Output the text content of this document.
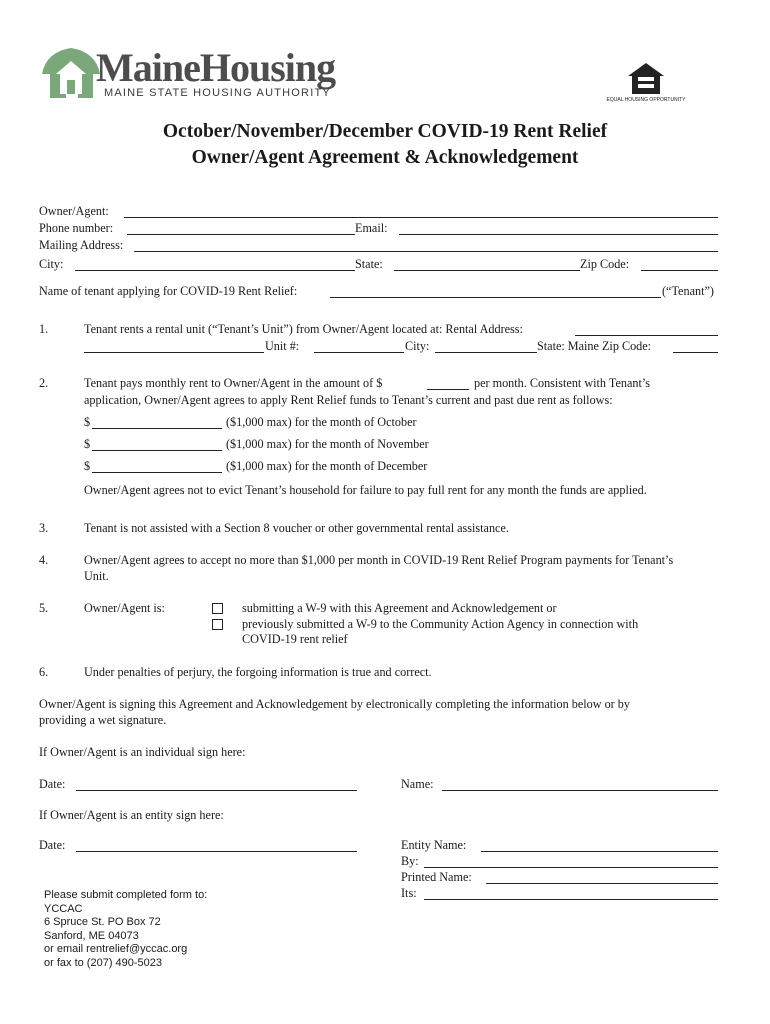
MaineHousing
MAINE STATE HOUSING AUTHORITY
EQUAL HOUSING OPPORTUNITY
October/November/December COVID-19 Rent Relief
Owner/Agent Agreement & Acknowledgement
Owner/Agent:
Phone number:	Email:
Mailing Address:
City:	State:	Zip Code:
Name of tenant applying for COVID-19 Rent Relief:	(“Tenant”)
1.	Tenant rents a rental unit (“Tenant’s Unit”) from Owner/Agent located at: Rental Address:
Unit #:	City:	State: Maine Zip Code:
2.	Tenant pays monthly rent to Owner/Agent in the amount of $	per month. Consistent with Tenant’s
application, Owner/Agent agrees to apply Rent Relief funds to Tenant’s current and past due rent as follows:
$	($1,000 max) for the month of October
$	($1,000 max) for the month of November
$	($1,000 max) for the month of December
Owner/Agent agrees not to evict Tenant’s household for failure to pay full rent for any month the funds are applied.
3.	Tenant is not assisted with a Section 8 voucher or other governmental rental assistance.
4.	Owner/Agent agrees to accept no more than $1,000 per month in COVID-19 Rent Relief Program payments for Tenant’s
Unit.
5.	Owner/Agent is:	submitting a W-9 with this Agreement and Acknowledgement or
previously submitted a W-9 to the Community Action Agency in connection with
COVID-19 rent relief
6.	Under penalties of perjury, the forgoing information is true and correct.
Owner/Agent is signing this Agreement and Acknowledgement by electronically completing the information below or by
providing a wet signature.
If Owner/Agent is an individual sign here:
Date:	Name:
If Owner/Agent is an entity sign here:
Date:	Entity Name:
By:
Printed Name:
Its:
Please submit completed form to:
YCCAC
6 Spruce St. PO Box 72
Sanford, ME 04073
or email rentrelief@yccac.org
or fax to (207) 490-5023
